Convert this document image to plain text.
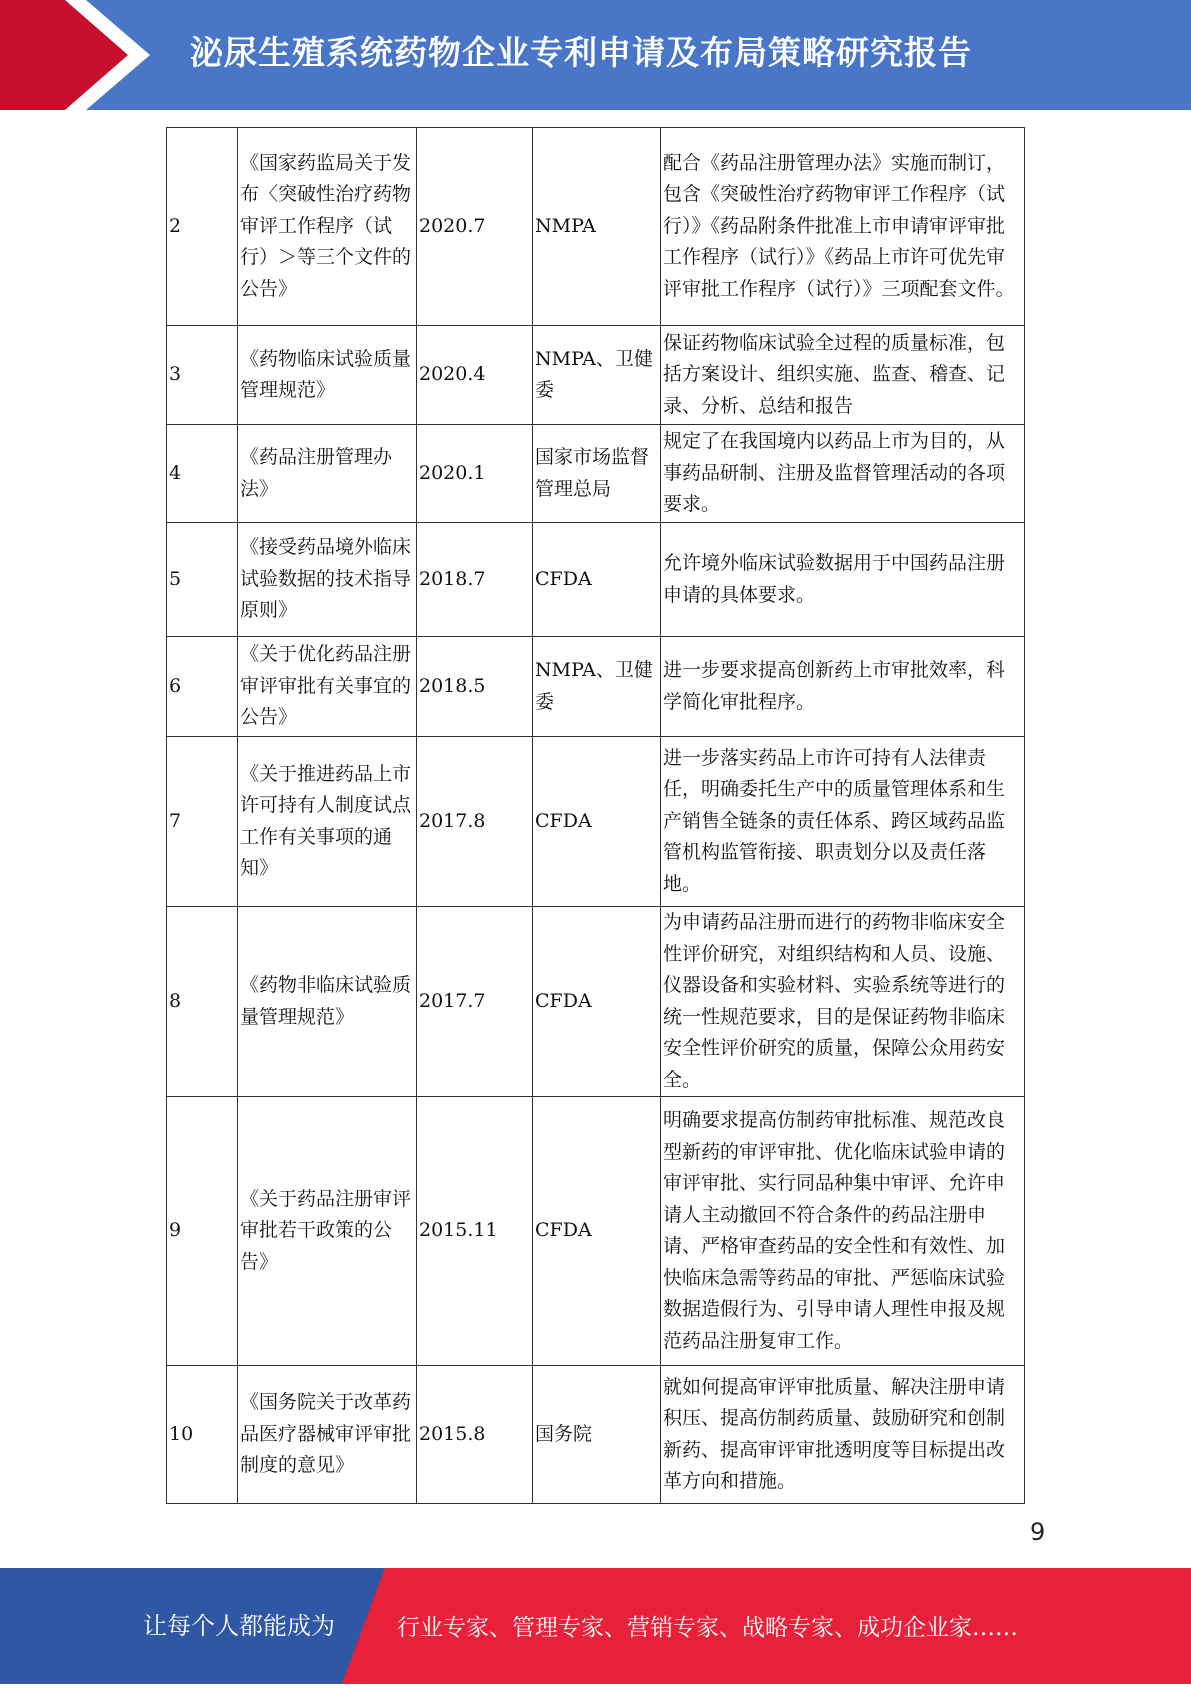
泌尿生殖系统药物企业专利申请及布局策略研究报告
2	《国家药监局关于发布〈突破性治疗药物审评工作程序（试行）＞等三个文件的公告》	2020.7	NMPA	配合《药品注册管理办法》实施而制订，包含《突破性治疗药物审评工作程序（试行）》《药品附条件批准上市申请审评审批工作程序（试行）》《药品上市许可优先审评审批工作程序（试行）》三项配套文件。
3	《药物临床试验质量管理规范》	2020.4	NMPA、卫健委	保证药物临床试验全过程的质量标准，包括方案设计、组织实施、监查、稽查、记录、分析、总结和报告
4	《药品注册管理办法》	2020.1	国家市场监督管理总局	规定了在我国境内以药品上市为目的，从事药品研制、注册及监督管理活动的各项要求。
5	《接受药品境外临床试验数据的技术指导原则》	2018.7	CFDA	允许境外临床试验数据用于中国药品注册申请的具体要求。
6	《关于优化药品注册审评审批有关事宜的公告》	2018.5	NMPA、卫健委	进一步要求提高创新药上市审批效率，科学简化审批程序。
7	《关于推进药品上市许可持有人制度试点工作有关事项的通知》	2017.8	CFDA	进一步落实药品上市许可持有人法律责任，明确委托生产中的质量管理体系和生产销售全链条的责任体系、跨区域药品监管机构监管衔接、职责划分以及责任落地。
8	《药物非临床试验质量管理规范》	2017.7	CFDA	为申请药品注册而进行的药物非临床安全性评价研究，对组织结构和人员、设施、仪器设备和实验材料、实验系统等进行的统一性规范要求，目的是保证药物非临床安全性评价研究的质量，保障公众用药安全。
9	《关于药品注册审评审批若干政策的公告》	2015.11	CFDA	明确要求提高仿制药审批标准、规范改良型新药的审评审批、优化临床试验申请的审评审批、实行同品种集中审评、允许申请人主动撤回不符合条件的药品注册申请、严格审查药品的安全性和有效性、加快临床急需等药品的审批、严惩临床试验数据造假行为、引导申请人理性申报及规范药品注册复审工作。
10	《国务院关于改革药品医疗器械审评审批制度的意见》	2015.8	国务院	就如何提高审评审批质量、解决注册申请积压、提高仿制药质量、鼓励研究和创制新药、提高审评审批透明度等目标提出改革方向和措施。
9
让每个人都能成为	行业专家、管理专家、营销专家、战略专家、成功企业家……
